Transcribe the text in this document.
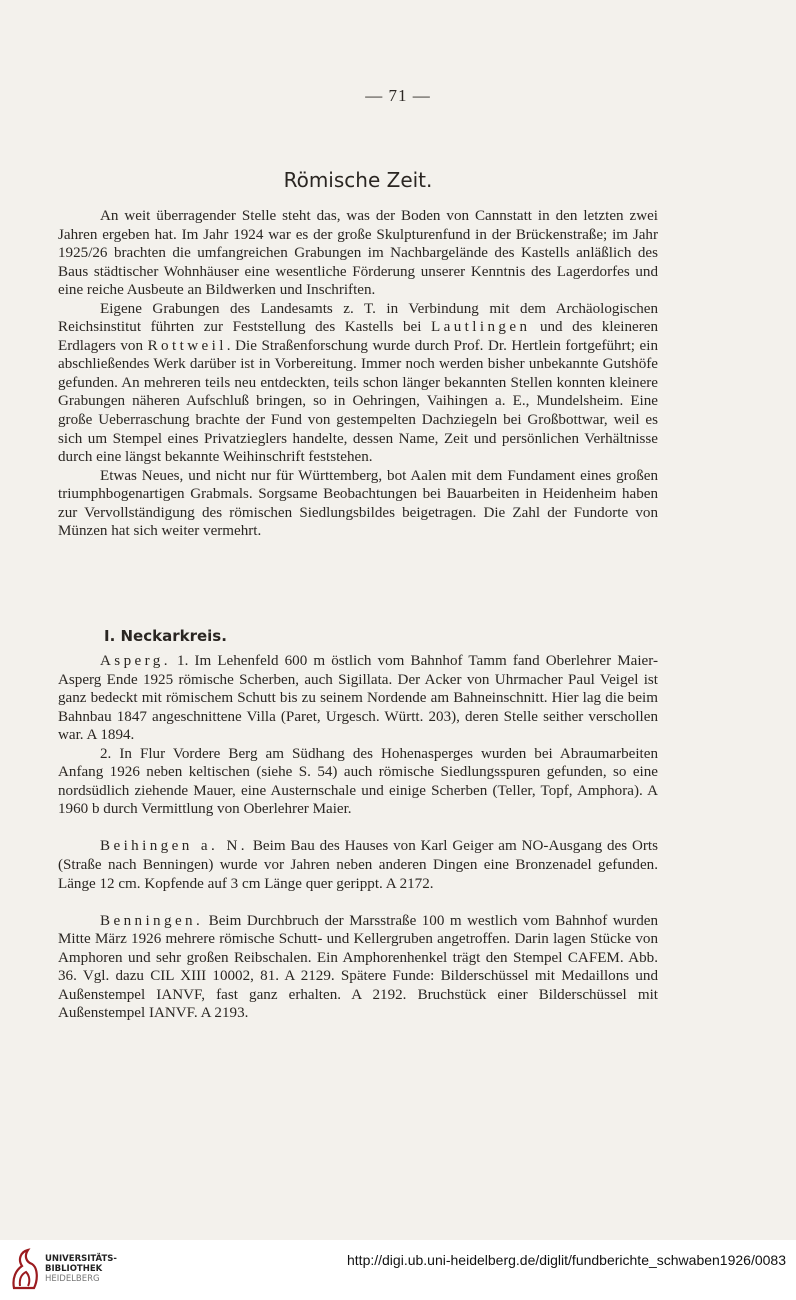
— 71 —
Römische Zeit.

An weit überragender Stelle steht das, was der Boden von Cannstatt in den letzten zwei Jahren ergeben hat. Im Jahr 1924 war es der große Skulpturenfund in der Brückenstraße; im Jahr 1925/26 brachten die umfangreichen Grabungen im Nachbargelände des Kastells anläßlich des Baus städtischer Wohnhäuser eine wesentliche Förderung unserer Kenntnis des Lagerdorfes und eine reiche Ausbeute an Bildwerken und Inschriften.

Eigene Grabungen des Landesamts z. T. in Verbindung mit dem Archäologischen Reichsinstitut führten zur Feststellung des Kastells bei Lautlingen und des kleineren Erdlagers von Rottweil. Die Straßenforschung wurde durch Prof. Dr. Hertlein fortgeführt; ein abschließendes Werk darüber ist in Vorbereitung. Immer noch werden bisher unbekannte Gutshöfe gefunden. An mehreren teils neu entdeckten, teils schon länger bekannten Stellen konnten kleinere Grabungen näheren Aufschluß bringen, so in Oehringen, Vaihingen a. E., Mundelsheim. Eine große Ueberraschung brachte der Fund von gestempelten Dachziegeln bei Großbottwar, weil es sich um Stempel eines Privatzieglers handelte, dessen Name, Zeit und persönlichen Verhältnisse durch eine längst bekannte Weihinschrift feststehen.

Etwas Neues, und nicht nur für Württemberg, bot Aalen mit dem Fundament eines großen triumphbogenartigen Grabmals. Sorgsame Beobachtungen bei Bauarbeiten in Heidenheim haben zur Vervollständigung des römischen Siedlungsbildes beigetragen. Die Zahl der Fundorte von Münzen hat sich weiter vermehrt.

I. Neckarkreis.

Asperg. 1. Im Lehenfeld 600 m östlich vom Bahnhof Tamm fand Oberlehrer Maier-Asperg Ende 1925 römische Scherben, auch Sigillata. Der Acker von Uhrmacher Paul Veigel ist ganz bedeckt mit römischem Schutt bis zu seinem Nordende am Bahneinschnitt. Hier lag die beim Bahnbau 1847 angeschnittene Villa (Paret, Urgesch. Württ. 203), deren Stelle seither verschollen war. A 1894.

2. In Flur Vordere Berg am Südhang des Hohenasperges wurden bei Abraumarbeiten Anfang 1926 neben keltischen (siehe S. 54) auch römische Siedlungsspuren gefunden, so eine nordsüdlich ziehende Mauer, eine Austernschale und einige Scherben (Teller, Topf, Amphora). A 1960 b durch Vermittlung von Oberlehrer Maier.

Beihingen a. N. Beim Bau des Hauses von Karl Geiger am NO-Ausgang des Orts (Straße nach Benningen) wurde vor Jahren neben anderen Dingen eine Bronzenadel gefunden. Länge 12 cm. Kopfende auf 3 cm Länge quer gerippt. A 2172.

Benningen. Beim Durchbruch der Marsstraße 100 m westlich vom Bahnhof wurden Mitte März 1926 mehrere römische Schutt- und Kellergruben angetroffen. Darin lagen Stücke von Amphoren und sehr großen Reibschalen. Ein Amphorenhenkel trägt den Stempel CAFEM. Abb. 36. Vgl. dazu CIL XIII 10002, 81. A 2129. Spätere Funde: Bilderschüssel mit Medaillons und Außenstempel IANVF, fast ganz erhalten. A 2192. Bruchstück einer Bilderschüssel mit Außenstempel IANVF. A 2193.

UNIVERSITÄTS-
BIBLIOTHEK
HEIDELBERG
http://digi.ub.uni-heidelberg.de/diglit/fundberichte_schwaben1926/0083
